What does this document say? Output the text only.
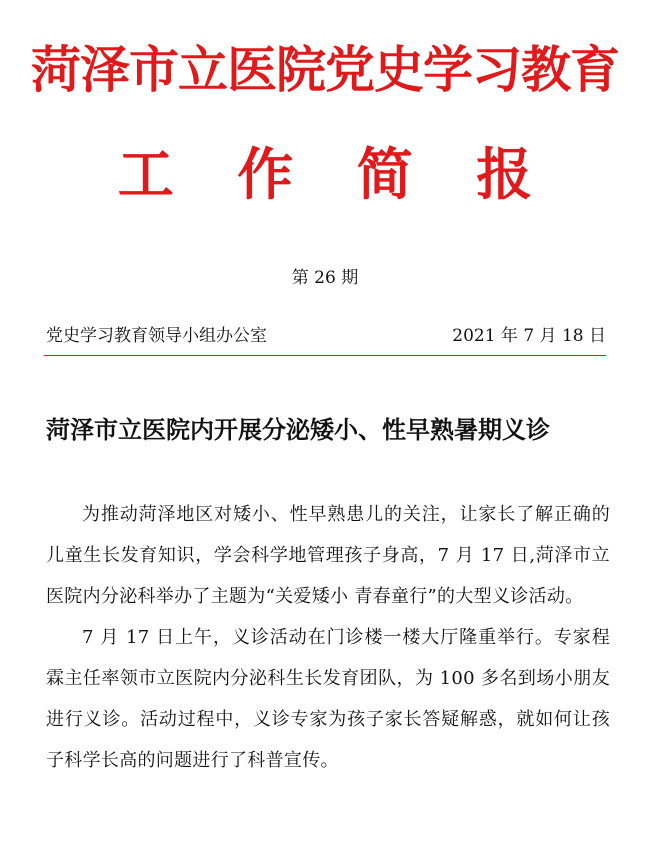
菏泽市立医院党史学习教育
工 作 简 报
第 26 期
党史学习教育领导小组办公室	2021 年 7 月 18 日
菏泽市立医院内开展分泌矮小、性早熟暑期义诊

为推动菏泽地区对矮小、性早熟患儿的关注，让家长了解正确的儿童生长发育知识，学会科学地管理孩子身高，7 月 17 日,菏泽市立医院内分泌科举办了主题为“关爱矮小 青春童行”的大型义诊活动。

7 月 17 日上午，义诊活动在门诊楼一楼大厅隆重举行。专家程霖主任率领市立医院内分泌科生长发育团队，为 100 多名到场小朋友进行义诊。活动过程中，义诊专家为孩子家长答疑解惑，就如何让孩子科学长高的问题进行了科普宣传。
